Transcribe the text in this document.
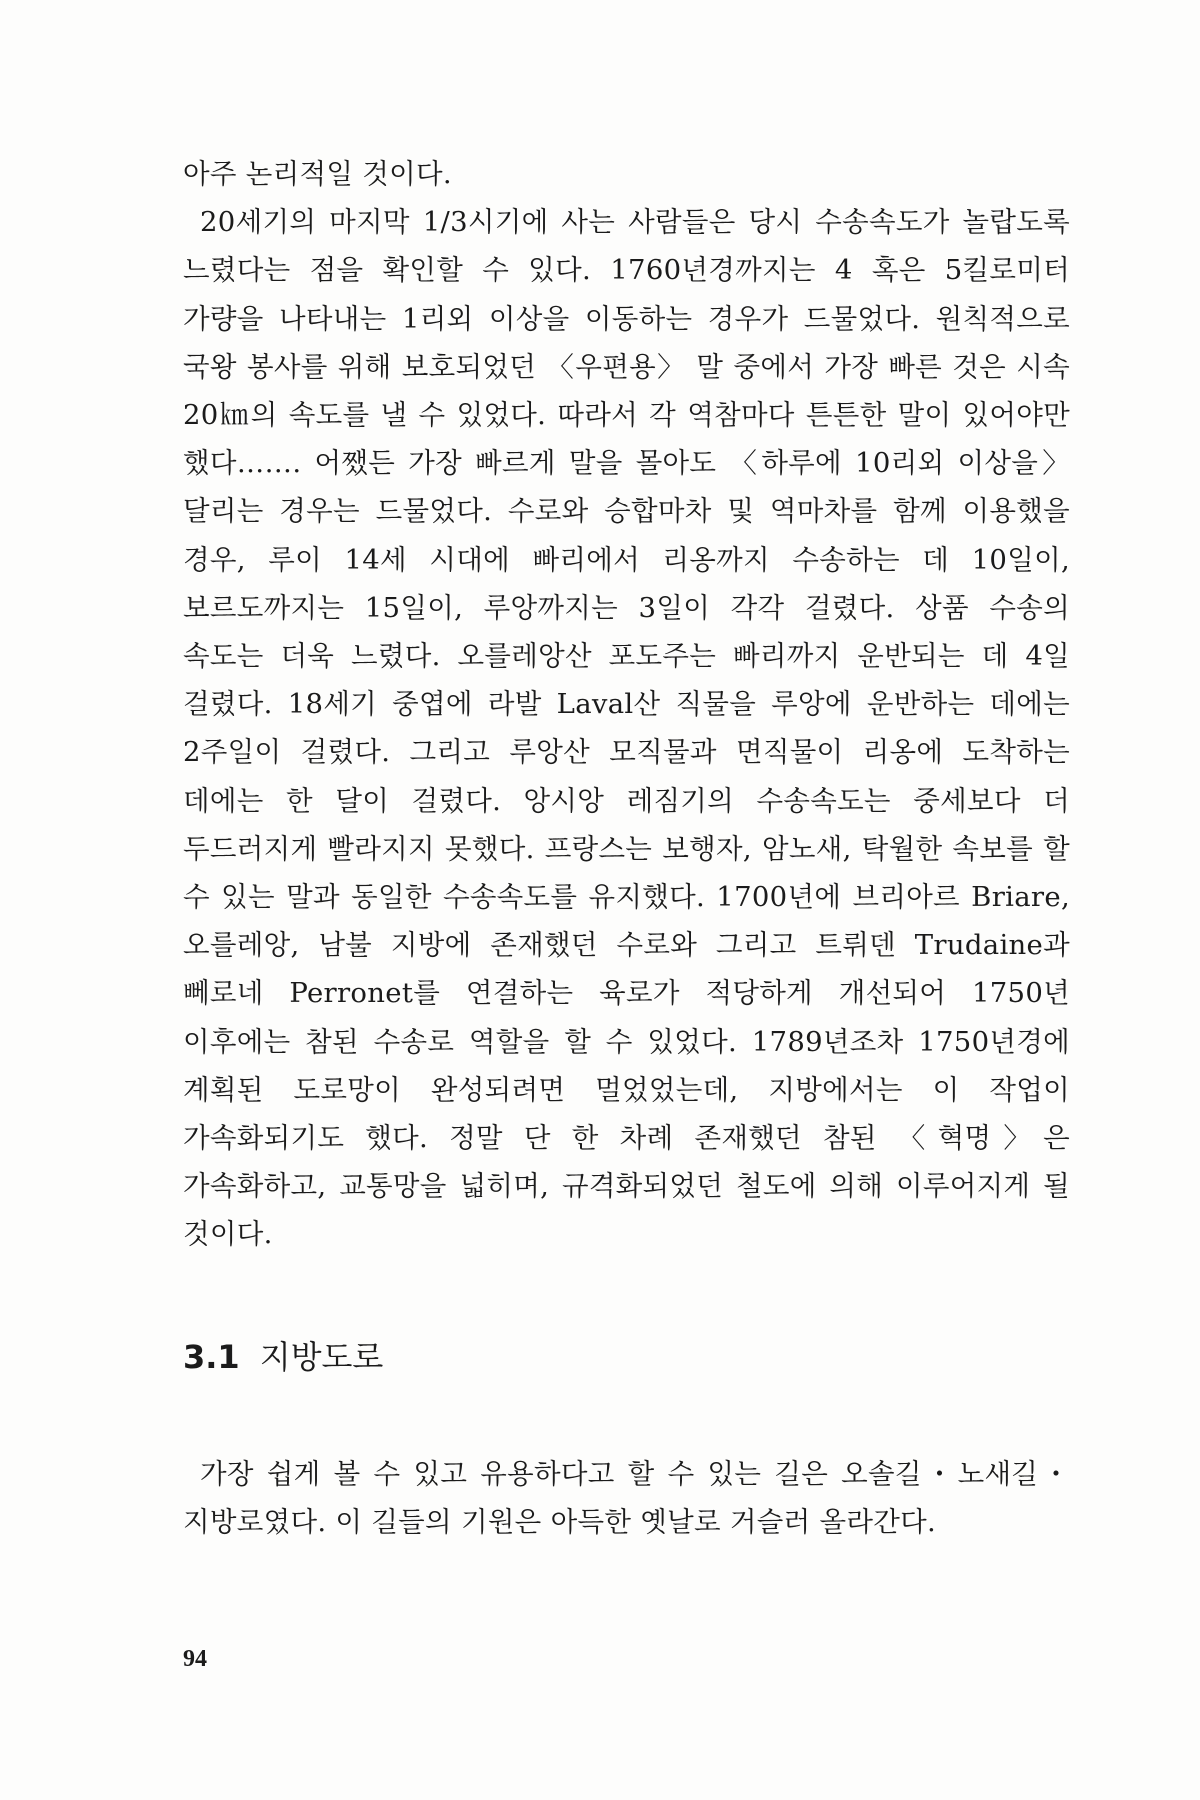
아주 논리적일 것이다.

20세기의 마지막 1/3시기에 사는 사람들은 당시 수송속도가 놀랍도록 느렸다는 점을 확인할 수 있다. 1760년경까지는 4 혹은 5킬로미터 가량을 나타내는 1리외 이상을 이동하는 경우가 드물었다. 원칙적으로 국왕 봉사를 위해 보호되었던 〈우편용〉 말 중에서 가장 빠른 것은 시속 20㎞의 속도를 낼 수 있었다. 따라서 각 역참마다 튼튼한 말이 있어야만 했다……. 어쨌든 가장 빠르게 말을 몰아도 〈하루에 10리외 이상을〉 달리는 경우는 드물었다. 수로와 승합마차 및 역마차를 함께 이용했을 경우, 루이 14세 시대에 빠리에서 리옹까지 수송하는 데 10일이, 보르도까지는 15일이, 루앙까지는 3일이 각각 걸렸다. 상품 수송의 속도는 더욱 느렸다. 오를레앙산 포도주는 빠리까지 운반되는 데 4일 걸렸다. 18세기 중엽에 라발 Laval산 직물을 루앙에 운반하는 데에는 2주일이 걸렸다. 그리고 루앙산 모직물과 면직물이 리옹에 도착하는 데에는 한 달이 걸렸다. 앙시앙 레짐기의 수송속도는 중세보다 더 두드러지게 빨라지지 못했다. 프랑스는 보행자, 암노새, 탁월한 속보를 할 수 있는 말과 동일한 수송속도를 유지했다. 1700년에 브리아르 Briare, 오를레앙, 남불 지방에 존재했던 수로와 그리고 트뤼덴 Trudaine과 뻬로네 Perronet를 연결하는 육로가 적당하게 개선되어 1750년 이후에는 참된 수송로 역할을 할 수 있었다. 1789년조차 1750년경에 계획된 도로망이 완성되려면 멀었었는데, 지방에서는 이 작업이 가속화되기도 했다. 정말 단 한 차례 존재했던 참된 〈혁명〉은 가속화하고, 교통망을 넓히며, 규격화되었던 철도에 의해 이루어지게 될 것이다.

3.1 지방도로

가장 쉽게 볼 수 있고 유용하다고 할 수 있는 길은 오솔길・노새길・지방로였다. 이 길들의 기원은 아득한 옛날로 거슬러 올라간다.

94
